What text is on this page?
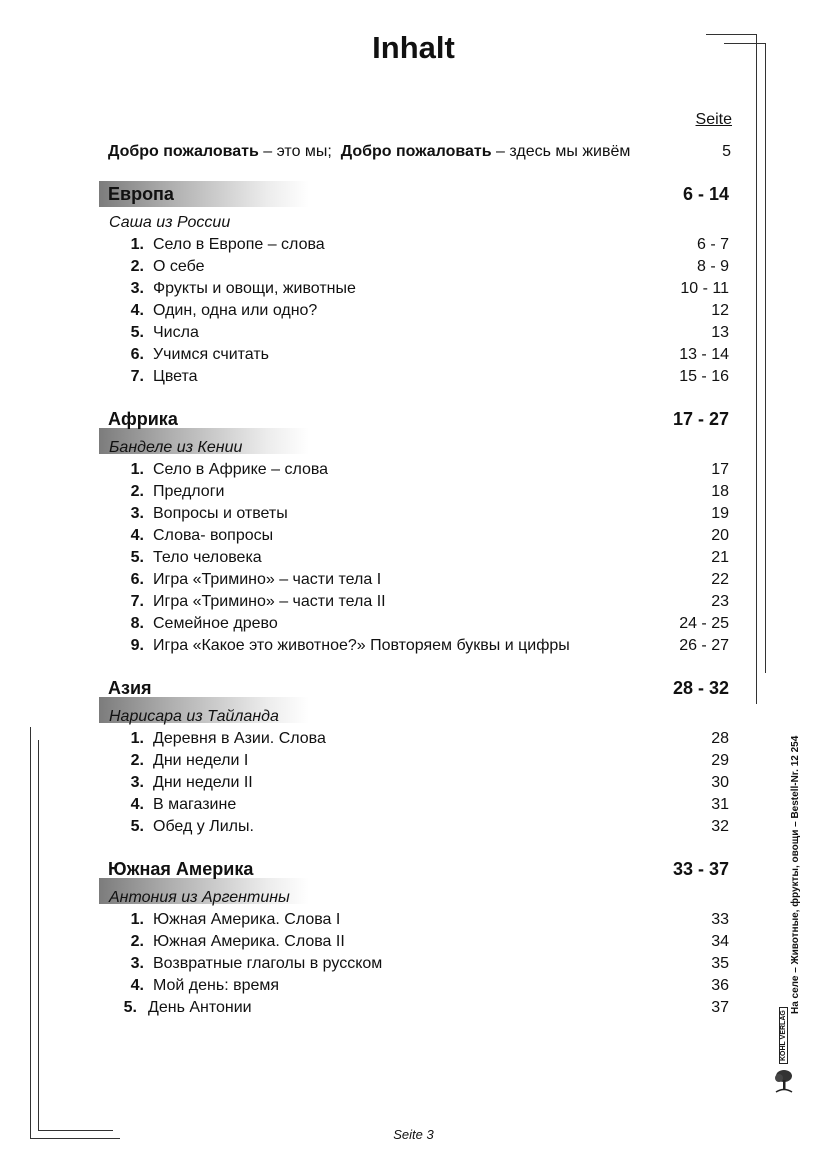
Inhalt
Seite
Добро пожаловать – это мы;  Добро пожаловать – здесь мы живём	5
Европа	6 - 14
Саша из России
1. Село в Европе – слова	6 - 7
2. О себе	8 - 9
3. Фрукты и овощи, животные	10 - 11
4. Один, одна или одно?	12
5. Числа	13
6. Учимся считать	13 - 14
7. Цвета	15 - 16
Африка	17 - 27
Банделе из Кении
1. Село в Африке – слова	17
2. Предлоги	18
3. Вопросы и ответы	19
4. Слова- вопросы	20
5. Тело человека	21
6. Игра «Тримино» – части тела I	22
7. Игра «Тримино» – части тела II	23
8. Семейное древо	24 - 25
9. Игра «Какое это животное?» Повторяем буквы и цифры	26 - 27
Азия	28 - 32
Нарисара из Тайланда
1. Деревня в Азии. Слова	28
2. Дни недели I	29
3. Дни недели II	30
4. В магазине	31
5. Обед у Лилы.	32
Южная Америка	33 - 37
Антония из Аргентины
1. Южная Америка. Слова I	33
2. Южная Америка. Слова II	34
3. Возвратные глаголы в русском	35
4. Мой день: время	36
5. День Антонии	37	На селе – Животные, фрукты, овощи – Bestell-Nr. 12 254
KOHL VERLAG
Seite 3
